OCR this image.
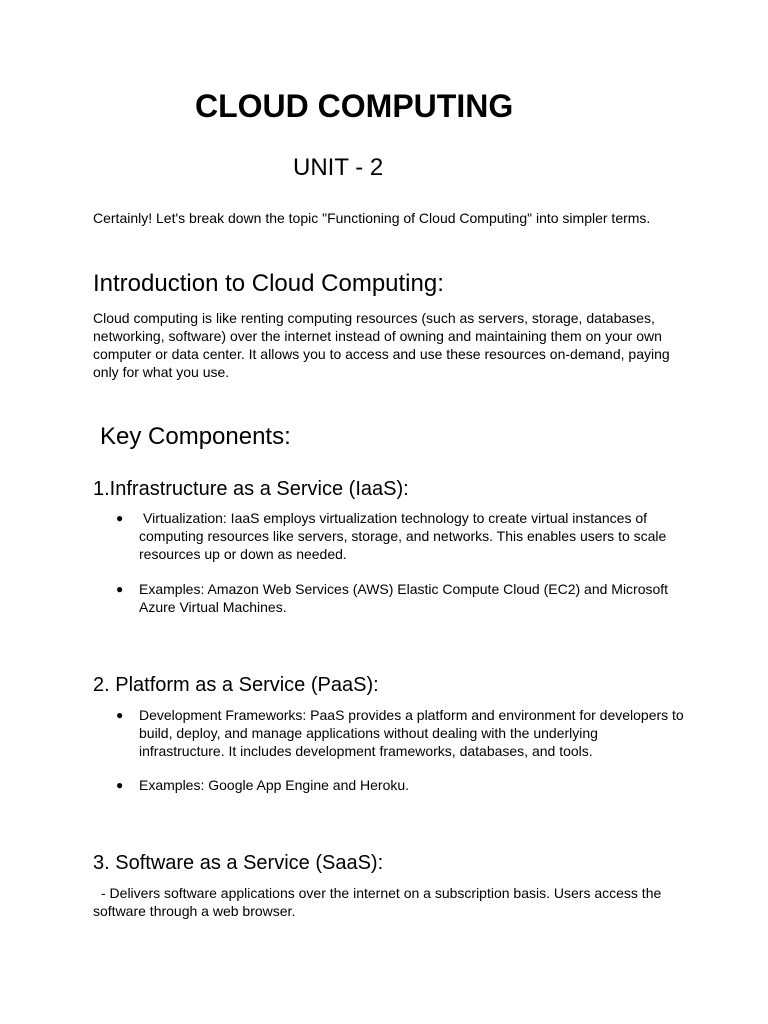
CLOUD COMPUTING
UNIT - 2

Certainly! Let's break down the topic "Functioning of Cloud Computing" into simpler terms.

Introduction to Cloud Computing:

Cloud computing is like renting computing resources (such as servers, storage, databases, networking, software) over the internet instead of owning and maintaining them on your own computer or data center. It allows you to access and use these resources on-demand, paying only for what you use.

Key Components:
1.Infrastructure as a Service (IaaS):
● Virtualization: IaaS employs virtualization technology to create virtual instances of computing resources like servers, storage, and networks. This enables users to scale resources up or down as needed.

● Examples: Amazon Web Services (AWS) Elastic Compute Cloud (EC2) and Microsoft Azure Virtual Machines.

2. Platform as a Service (PaaS):
● Development Frameworks: PaaS provides a platform and environment for developers to build, deploy, and manage applications without dealing with the underlying infrastructure. It includes development frameworks, databases, and tools.

● Examples: Google App Engine and Heroku.

3. Software as a Service (SaaS):

- Delivers software applications over the internet on a subscription basis. Users access the software through a web browser.
